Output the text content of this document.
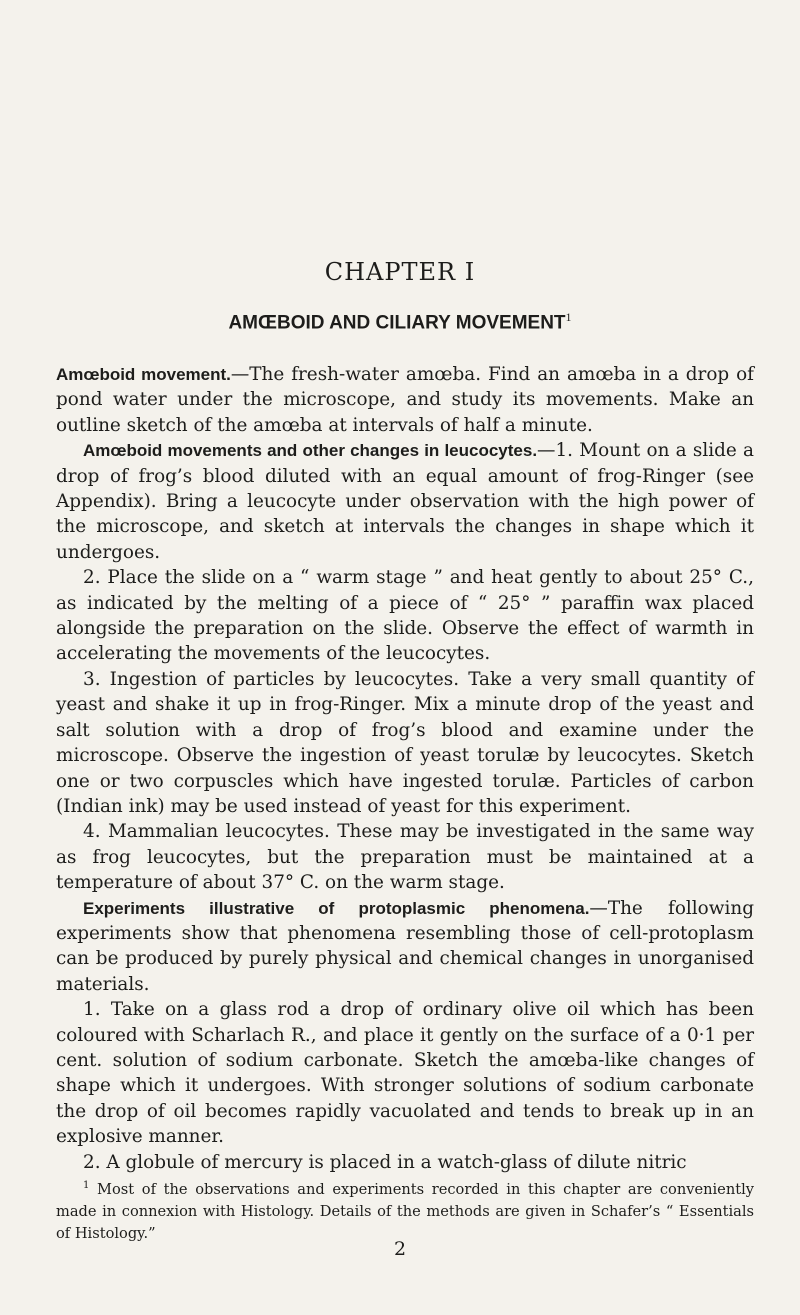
CHAPTER I
AMŒBOID AND CILIARY MOVEMENT$^1$

Amœboid movement.—The fresh-water amœba. Find an amœba in a drop of pond water under the microscope, and study its movements. Make an outline sketch of the amœba at intervals of half a minute.

Amœboid movements and other changes in leucocytes.—1. Mount on a slide a drop of frog’s blood diluted with an equal amount of frog-Ringer (see Appendix). Bring a leucocyte under observation with the high power of the microscope, and sketch at intervals the changes in shape which it undergoes.

2. Place the slide on a “ warm stage ” and heat gently to about 25° C., as indicated by the melting of a piece of “ 25° ” paraffin wax placed alongside the preparation on the slide. Observe the effect of warmth in accelerating the movements of the leucocytes.

3. Ingestion of particles by leucocytes. Take a very small quantity of yeast and shake it up in frog-Ringer. Mix a minute drop of the yeast and salt solution with a drop of frog’s blood and examine under the microscope. Observe the ingestion of yeast torulæ by leucocytes. Sketch one or two corpuscles which have ingested torulæ. Particles of carbon (Indian ink) may be used instead of yeast for this experiment.

4. Mammalian leucocytes. These may be investigated in the same way as frog leucocytes, but the preparation must be maintained at a temperature of about 37° C. on the warm stage.

Experiments illustrative of protoplasmic phenomena.—The following experiments show that phenomena resembling those of cell-protoplasm can be produced by purely physical and chemical changes in unorganised materials.

1. Take on a glass rod a drop of ordinary olive oil which has been coloured with Scharlach R., and place it gently on the surface of a 0·1 per cent. solution of sodium carbonate. Sketch the amœba-like changes of shape which it undergoes. With stronger solutions of sodium carbonate the drop of oil becomes rapidly vacuolated and tends to break up in an explosive manner.

2. A globule of mercury is placed in a watch-glass of dilute nitric

$^1$ Most of the observations and experiments recorded in this chapter are conveniently made in connexion with Histology. Details of the methods are given in Schafer’s “ Essentials of Histology.”

2
